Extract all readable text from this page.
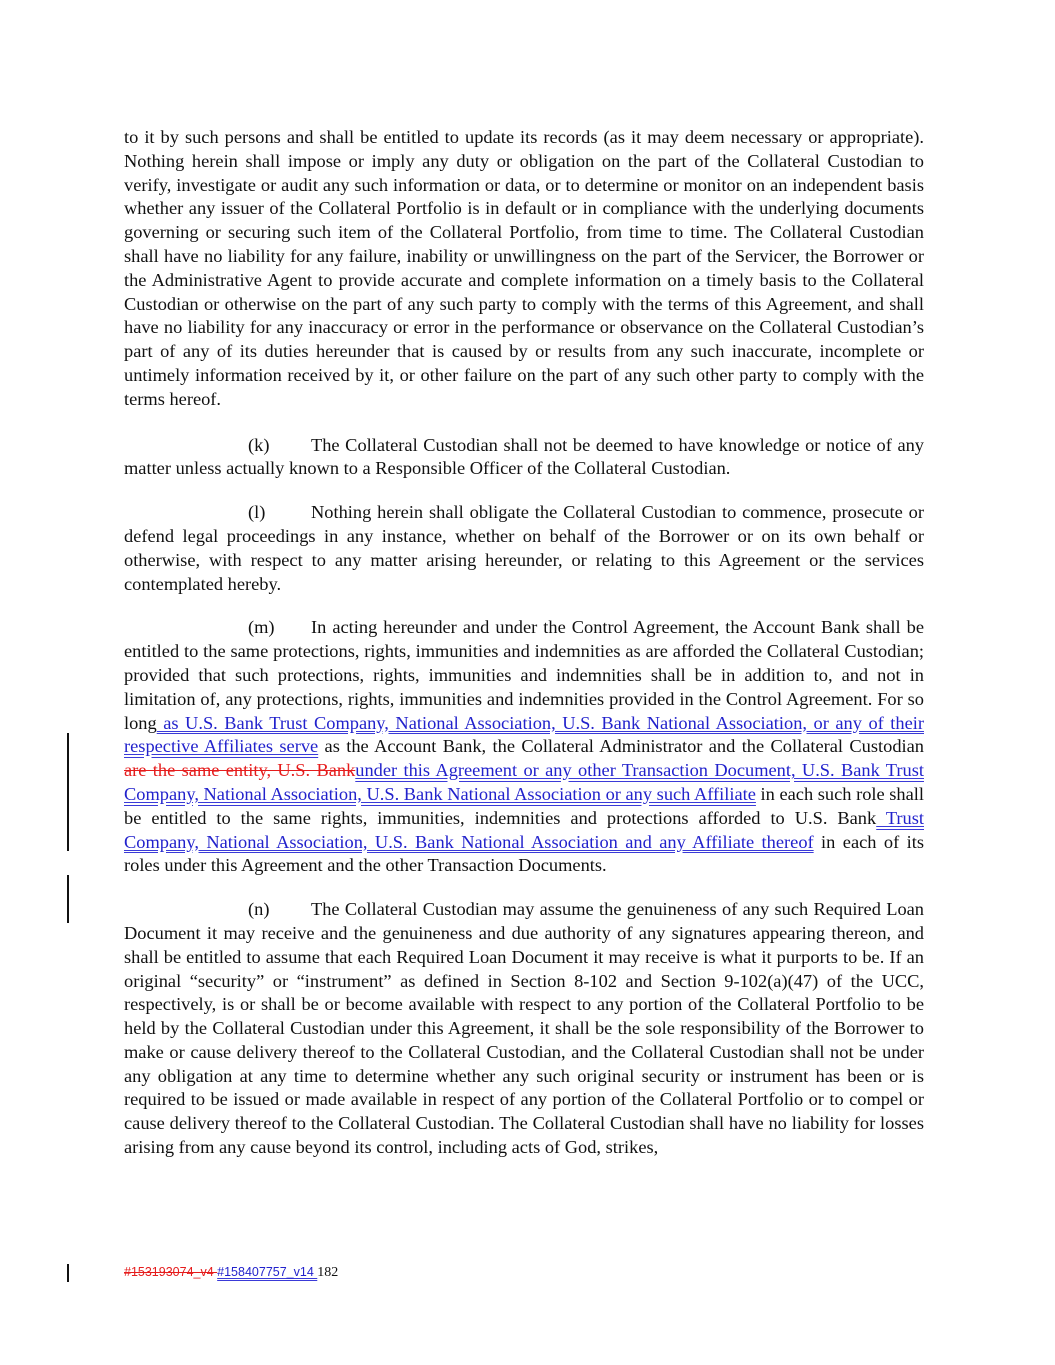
to it by such persons and shall be entitled to update its records (as it may deem necessary or appropriate). Nothing herein shall impose or imply any duty or obligation on the part of the Collateral Custodian to verify, investigate or audit any such information or data, or to determine or monitor on an independent basis whether any issuer of the Collateral Portfolio is in default or in compliance with the underlying documents governing or securing such item of the Collateral Portfolio, from time to time. The Collateral Custodian shall have no liability for any failure, inability or unwillingness on the part of the Servicer, the Borrower or the Administrative Agent to provide accurate and complete information on a timely basis to the Collateral Custodian or otherwise on the part of any such party to comply with the terms of this Agreement, and shall have no liability for any inaccuracy or error in the performance or observance on the Collateral Custodian’s part of any of its duties hereunder that is caused by or results from any such inaccurate, incomplete or untimely information received by it, or other failure on the part of any such other party to comply with the terms hereof.

(k) The Collateral Custodian shall not be deemed to have knowledge or notice of any matter unless actually known to a Responsible Officer of the Collateral Custodian.

(l) Nothing herein shall obligate the Collateral Custodian to commence, prosecute or defend legal proceedings in any instance, whether on behalf of the Borrower or on its own behalf or otherwise, with respect to any matter arising hereunder, or relating to this Agreement or the services contemplated hereby.

(m) In acting hereunder and under the Control Agreement, the Account Bank shall be entitled to the same protections, rights, immunities and indemnities as are afforded the Collateral Custodian; provided that such protections, rights, immunities and indemnities shall be in addition to, and not in limitation of, any protections, rights, immunities and indemnities provided in the Control Agreement. For so long as U.S. Bank Trust Company, National Association, U.S. Bank National Association, or any of their respective Affiliates serve as the Account Bank, the Collateral Administrator and the Collateral Custodian are the same entity, U.S. Bankunder this Agreement or any other Transaction Document, U.S. Bank Trust Company, National Association, U.S. Bank National Association or any such Affiliate in each such role shall be entitled to the same rights, immunities, indemnities and protections afforded to U.S. Bank Trust Company, National Association, U.S. Bank National Association and any Affiliate thereof in each of its roles under this Agreement and the other Transaction Documents.

(n) The Collateral Custodian may assume the genuineness of any such Required Loan Document it may receive and the genuineness and due authority of any signatures appearing thereon, and shall be entitled to assume that each Required Loan Document it may receive is what it purports to be. If an original “security” or “instrument” as defined in Section 8-102 and Section 9-102(a)(47) of the UCC, respectively, is or shall be or become available with respect to any portion of the Collateral Portfolio to be held by the Collateral Custodian under this Agreement, it shall be the sole responsibility of the Borrower to make or cause delivery thereof to the Collateral Custodian, and the Collateral Custodian shall not be under any obligation at any time to determine whether any such original security or instrument has been or is required to be issued or made available in respect of any portion of the Collateral Portfolio or to compel or cause delivery thereof to the Collateral Custodian. The Collateral Custodian shall have no liability for losses arising from any cause beyond its control, including acts of God, strikes,

#153193074_v4 #158407757_v14 182
